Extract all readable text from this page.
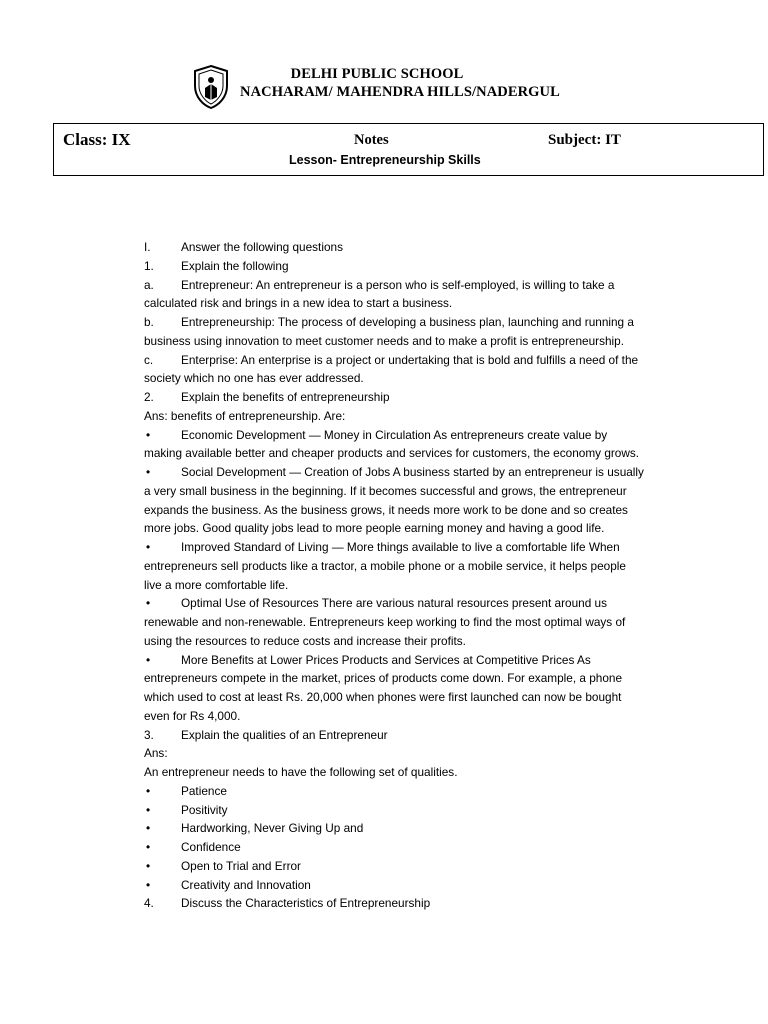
DELHI PUBLIC SCHOOL
NACHARAM/ MAHENDRA HILLS/NADERGUL
Class: IX	Notes	Subject: IT
Lesson- Entrepreneurship Skills
I.	Answer the following questions
1. Explain the following
a. Entrepreneur: An entrepreneur is a person who is self-employed, is willing to take a
calculated risk and brings in a new idea to start a business.
b. Entrepreneurship: The process of developing a business plan, launching and running a
business using innovation to meet customer needs and to make a profit is entrepreneurship.
c. Enterprise: An enterprise is a project or undertaking that is bold and fulfills a need of the
society which no one has ever addressed.
2. Explain the benefits of entrepreneurship
Ans: benefits of entrepreneurship. Are:
•	Economic Development — Money in Circulation As entrepreneurs create value by
making available better and cheaper products and services for customers, the economy grows.
•	Social Development — Creation of Jobs A business started by an entrepreneur is usually
a very small business in the beginning. If it becomes successful and grows, the entrepreneur
expands the business. As the business grows, it needs more work to be done and so creates
more jobs. Good quality jobs lead to more people earning money and having a good life.
•	Improved Standard of Living — More things available to live a comfortable life When
entrepreneurs sell products like a tractor, a mobile phone or a mobile service, it helps people
live a more comfortable life.
•	Optimal Use of Resources There are various natural resources present around us
renewable and non-renewable. Entrepreneurs keep working to find the most optimal ways of
using the resources to reduce costs and increase their profits.
•	More Benefits at Lower Prices Products and Services at Competitive Prices As
entrepreneurs compete in the market, prices of products come down. For example, a phone
which used to cost at least Rs. 20,000 when phones were first launched can now be bought
even for Rs 4,000.
3. Explain the qualities of an Entrepreneur
Ans:
An entrepreneur needs to have the following set of qualities.
•	Patience
•	Positivity
•	Hardworking, Never Giving Up and
•	Confidence
•	Open to Trial and Error
•	Creativity and Innovation
4. Discuss the Characteristics of Entrepreneurship
